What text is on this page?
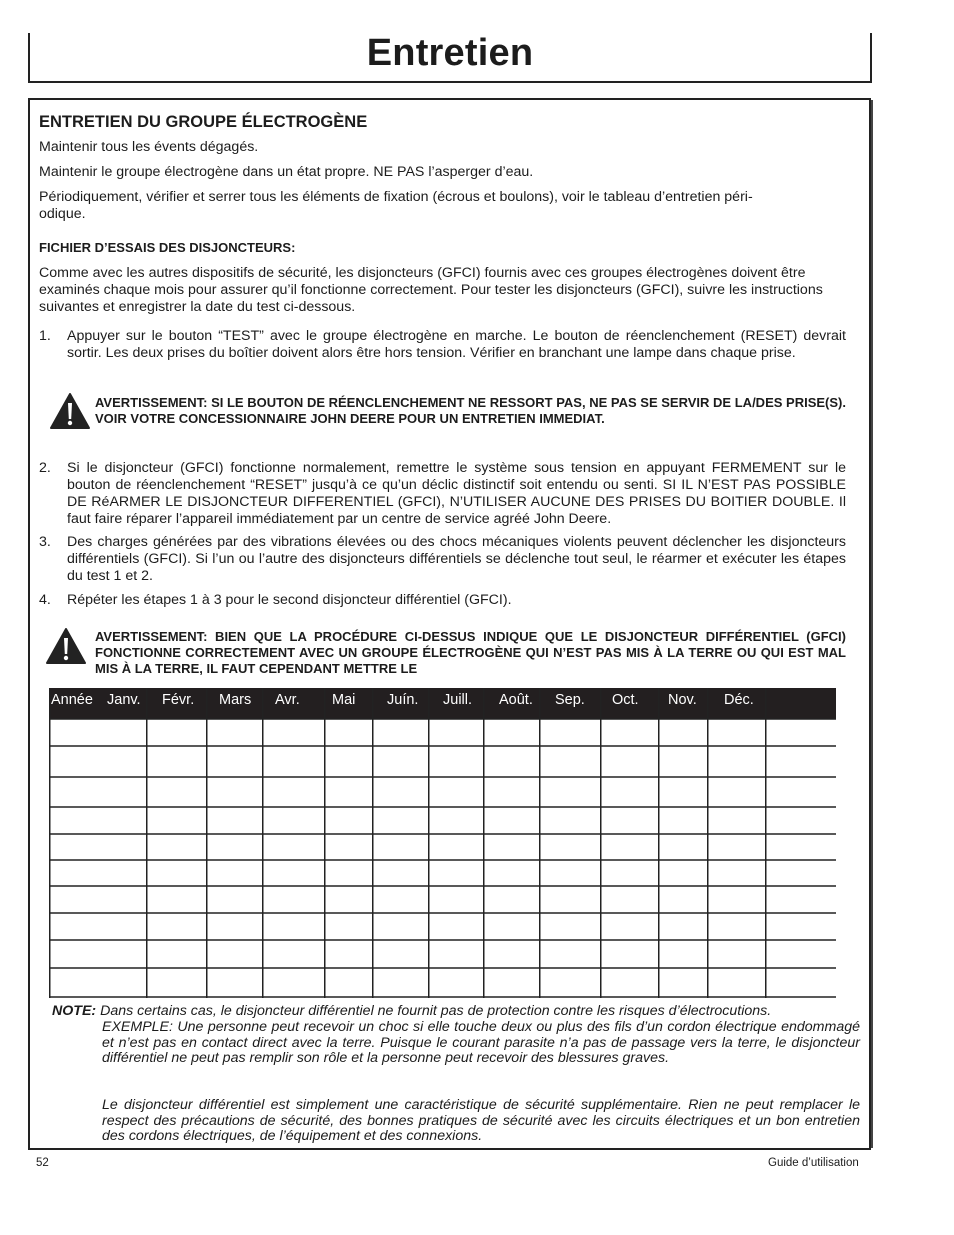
Entretien
ENTRETIEN DU GROUPE ÉLECTROGÈNE

Maintenir tous les évents dégagés.

Maintenir le groupe électrogène dans un état propre. NE PAS l’asperger d’eau.

Périodiquement, vérifier et serrer tous les éléments de fixation (écrous et boulons), voir le tableau d’entretien péri-

odique.

FICHIER D’ESSAIS DES DISJONCTEURS:

Comme avec les autres dispositifs de sécurité, les disjoncteurs (GFCI) fournis avec ces groupes électrogènes doivent être examinés chaque mois pour assurer qu’il fonctionne correctement. Pour tester les disjoncteurs (GFCI), suivre les instructions suivantes et enregistrer la date du test ci-dessous.

1.	Appuyer sur le bouton “TEST” avec le groupe électrogène en marche. Le bouton de réenclenchement (RESET) devrait sortir. Les deux prises du boîtier doivent alors être hors tension. Vérifier en branchant une lampe dans chaque prise.

AVERTISSEMENT: SI LE BOUTON DE RÉENCLENCHEMENT NE RESSORT PAS, NE PAS SE SERVIR DE LA/DES PRISE(S). VOIR VOTRE CONCESSIONNAIRE JOHN DEERE POUR UN ENTRETIEN IMMEDIAT.

2.	Si le disjoncteur (GFCI) fonctionne normalement, remettre le système sous tension en appuyant FERMEMENT sur le bouton de réenclenchement “RESET” jusqu’à ce qu’un déclic distinctif soit entendu ou senti. SI IL N’EST PAS POSSIBLE DE RéARMER LE DISJONCTEUR DIFFERENTIEL (GFCI), N’UTILISER AUCUNE DES PRISES DU BOITIER DOUBLE. Il faut faire réparer l’appareil immédiatement par un centre de service agréé John Deere.

3.	Des charges générées par des vibrations élevées ou des chocs mécaniques violents peuvent déclencher les disjoncteurs différentiels (GFCI). Si l’un ou l’autre des disjoncteurs différentiels se déclenche tout seul, le réarmer et exécuter les étapes du test 1 et 2.

4.	Répéter les étapes 1 à 3 pour le second disjoncteur différentiel (GFCI).

AVERTISSEMENT: BIEN QUE LA PROCÉDURE CI-DESSUS INDIQUE QUE LE DISJONCTEUR DIFFÉRENTIEL (GFCI) FONCTIONNE CORRECTEMENT AVEC UN GROUPE ÉLECTROGÈNE QUI N’EST PAS MIS À LA TERRE OU QUI EST MAL MIS À LA TERRE, IL FAUT CEPENDANT METTRE LE

Année Janv. Févr. Mars Avr. Mai Juín. Juill. Août. Sep. Oct. Nov. Déc.
NOTE: Dans certains cas, le disjoncteur différentiel ne fournit pas de protection contre les risques d’électrocutions.

EXEMPLE: Une personne peut recevoir un choc si elle touche deux ou plus des fils d’un cordon électrique endommagé et n’est pas en contact direct avec la terre. Puisque le courant parasite n’a pas de passage vers la terre, le disjoncteur différentiel ne peut pas remplir son rôle et la personne peut recevoir des blessures graves.

Le disjoncteur différentiel est simplement une caractéristique de sécurité supplémentaire. Rien ne peut remplacer le respect des précautions de sécurité, des bonnes pratiques de sécurité avec les circuits électriques et un bon entretien des cordons électriques, de l’équipement et des connexions.

52	Guide d’utilisation
